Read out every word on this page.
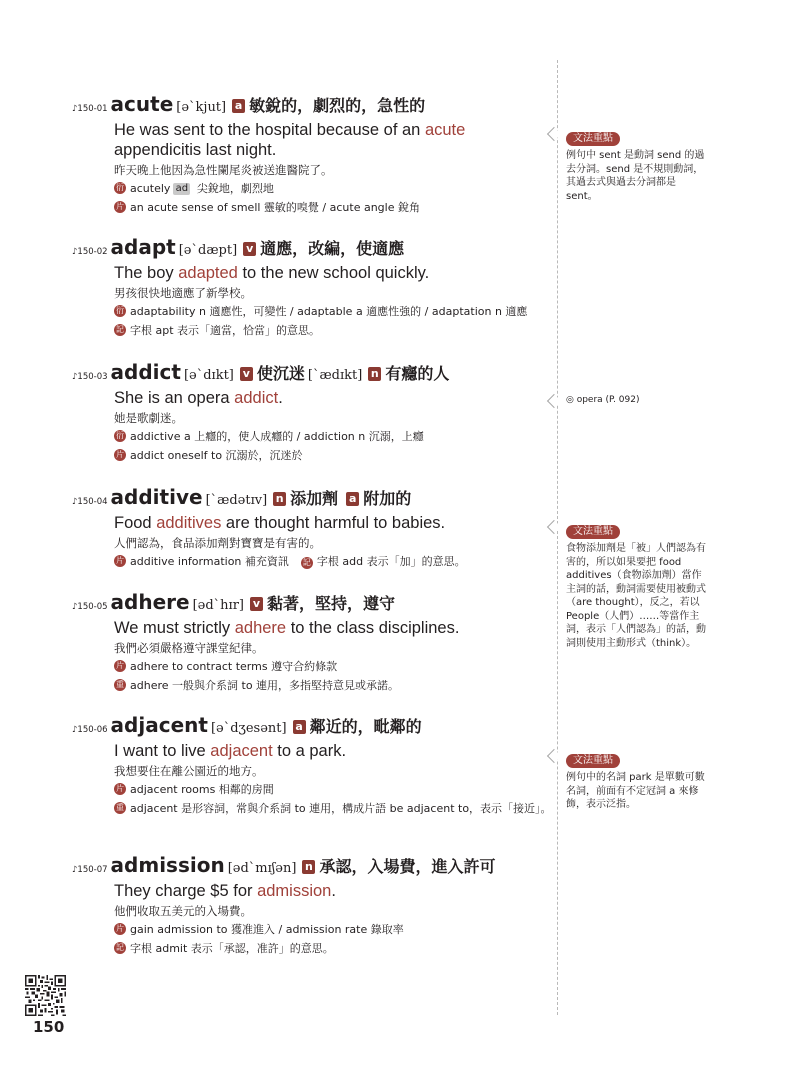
♪150-01 acute [əˋkjut] a 敏銳的，劇烈的，急性的
He was sent to the hospital because of an acute appendicitis last night.
昨天晚上他因為急性闌尾炎被送進醫院了。
衍 acutely ad 尖銳地，劇烈地
片 an acute sense of smell 靈敏的嗅覺 / acute angle 銳角
♪150-02 adapt [əˋdæpt] v 適應，改編，使適應
The boy adapted to the new school quickly.
男孩很快地適應了新學校。
衍 adaptability n 適應性，可變性 / adaptable a 適應性強的 / adaptation n 適應
記 字根 apt 表示「適當，恰當」的意思。
♪150-03 addict [əˋdɪkt] v 使沉迷 [ˋædɪkt] n 有癮的人
She is an opera addict.
她是歌劇迷。
衍 addictive a 上癮的，使人成癮的 / addiction n 沉溺，上癮
片 addict oneself to 沉溺於，沉迷於
♪150-04 additive [ˋædətɪv] n 添加劑 a 附加的
Food additives are thought harmful to babies.
人們認為，食品添加劑對寶寶是有害的。
片 additive information 補充資訊 記 字根 add 表示「加」的意思。
♪150-05 adhere [ədˋhɪr] v 黏著，堅持，遵守
We must strictly adhere to the class disciplines.
我們必須嚴格遵守課堂紀律。
片 adhere to contract terms 遵守合約條款
重 adhere 一般與介系詞 to 連用，多指堅持意見或承諾。
♪150-06 adjacent [əˋdʒesənt] a 鄰近的，毗鄰的
I want to live adjacent to a park.
我想要住在離公園近的地方。
片 adjacent rooms 相鄰的房間
重 adjacent 是形容詞，常與介系詞 to 連用，構成片語 be adjacent to，表示「接近」。
♪150-07 admission [ədˋmɪʃən] n 承認，入場費，進入許可
They charge $5 for admission.
他們收取五美元的入場費。
片 gain admission to 獲准進入 / admission rate 錄取率
記 字根 admit 表示「承認，准許」的意思。
文法重點
例句中 sent 是動詞 send 的過去分詞。send 是不規則動詞，其過去式與過去分詞都是 sent。
◎ opera (P. 092)
文法重點
食物添加劑是「被」人們認為有害的，所以如果要把 food additives（食物添加劑）當作主詞的話，動詞需要使用被動式（are thought），反之，若以 People（人們）……等當作主詞，表示「人們認為」的話，動詞則使用主動形式（think）。
文法重點
例句中的名詞 park 是單數可數名詞，前面有不定冠詞 a 來修飾，表示泛指。
150
